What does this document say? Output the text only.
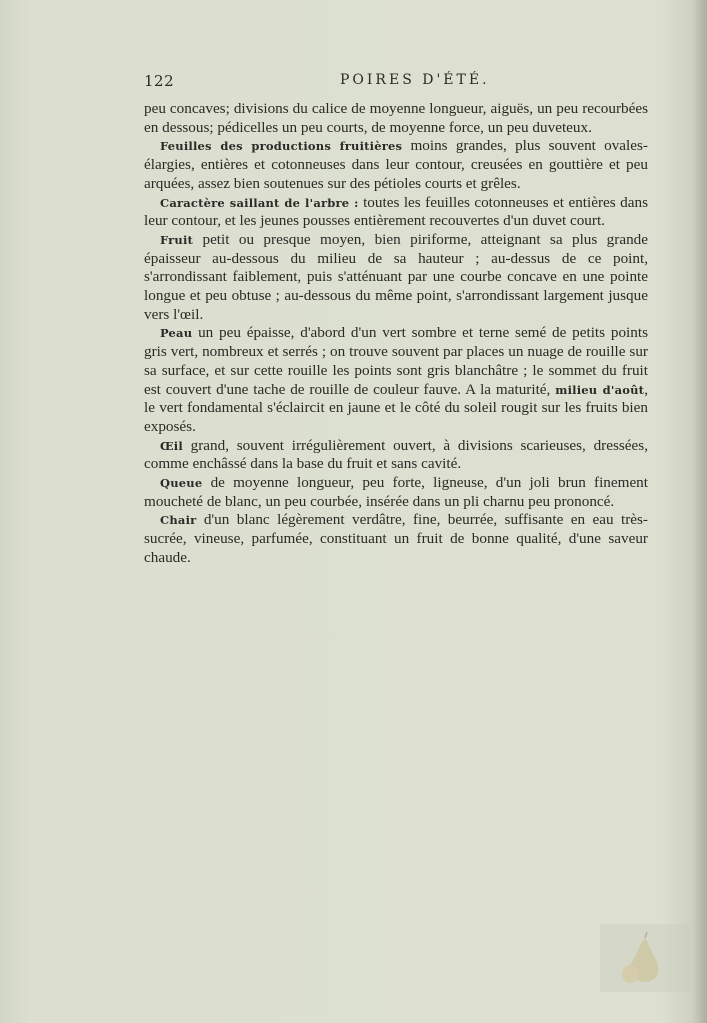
122	POIRES D'ÉTÉ.

peu concaves; divisions du calice de moyenne longueur, aiguës, un peu recourbées en dessous; pédicelles un peu courts, de moyenne force, un peu duveteux.

Feuilles des productions fruitières moins grandes, plus souvent ovales-élargies, entières et cotonneuses dans leur contour, creusées en gouttière et peu arquées, assez bien soutenues sur des pétioles courts et grêles.

Caractère saillant de l'arbre : toutes les feuilles cotonneuses et entières dans leur contour, et les jeunes pousses entièrement recouvertes d'un duvet court.

Fruit petit ou presque moyen, bien piriforme, atteignant sa plus grande épaisseur au-dessous du milieu de sa hauteur ; au-dessus de ce point, s'arrondissant faiblement, puis s'atténuant par une courbe concave en une pointe longue et peu obtuse ; au-dessous du même point, s'arrondissant largement jusque vers l'œil.

Peau un peu épaisse, d'abord d'un vert sombre et terne semé de petits points gris vert, nombreux et serrés ; on trouve souvent par places un nuage de rouille sur sa surface, et sur cette rouille les points sont gris blanchâtre ; le sommet du fruit est couvert d'une tache de rouille de couleur fauve. A la maturité, milieu d'août, le vert fondamental s'éclaircit en jaune et le côté du soleil rougit sur les fruits bien exposés.

Œil grand, souvent irrégulièrement ouvert, à divisions scarieuses, dressées, comme enchâssé dans la base du fruit et sans cavité.

Queue de moyenne longueur, peu forte, ligneuse, d'un joli brun finement moucheté de blanc, un peu courbée, insérée dans un pli charnu peu prononcé.

Chair d'un blanc légèrement verdâtre, fine, beurrée, suffisante en eau très-sucrée, vineuse, parfumée, constituant un fruit de bonne qualité, d'une saveur chaude.
